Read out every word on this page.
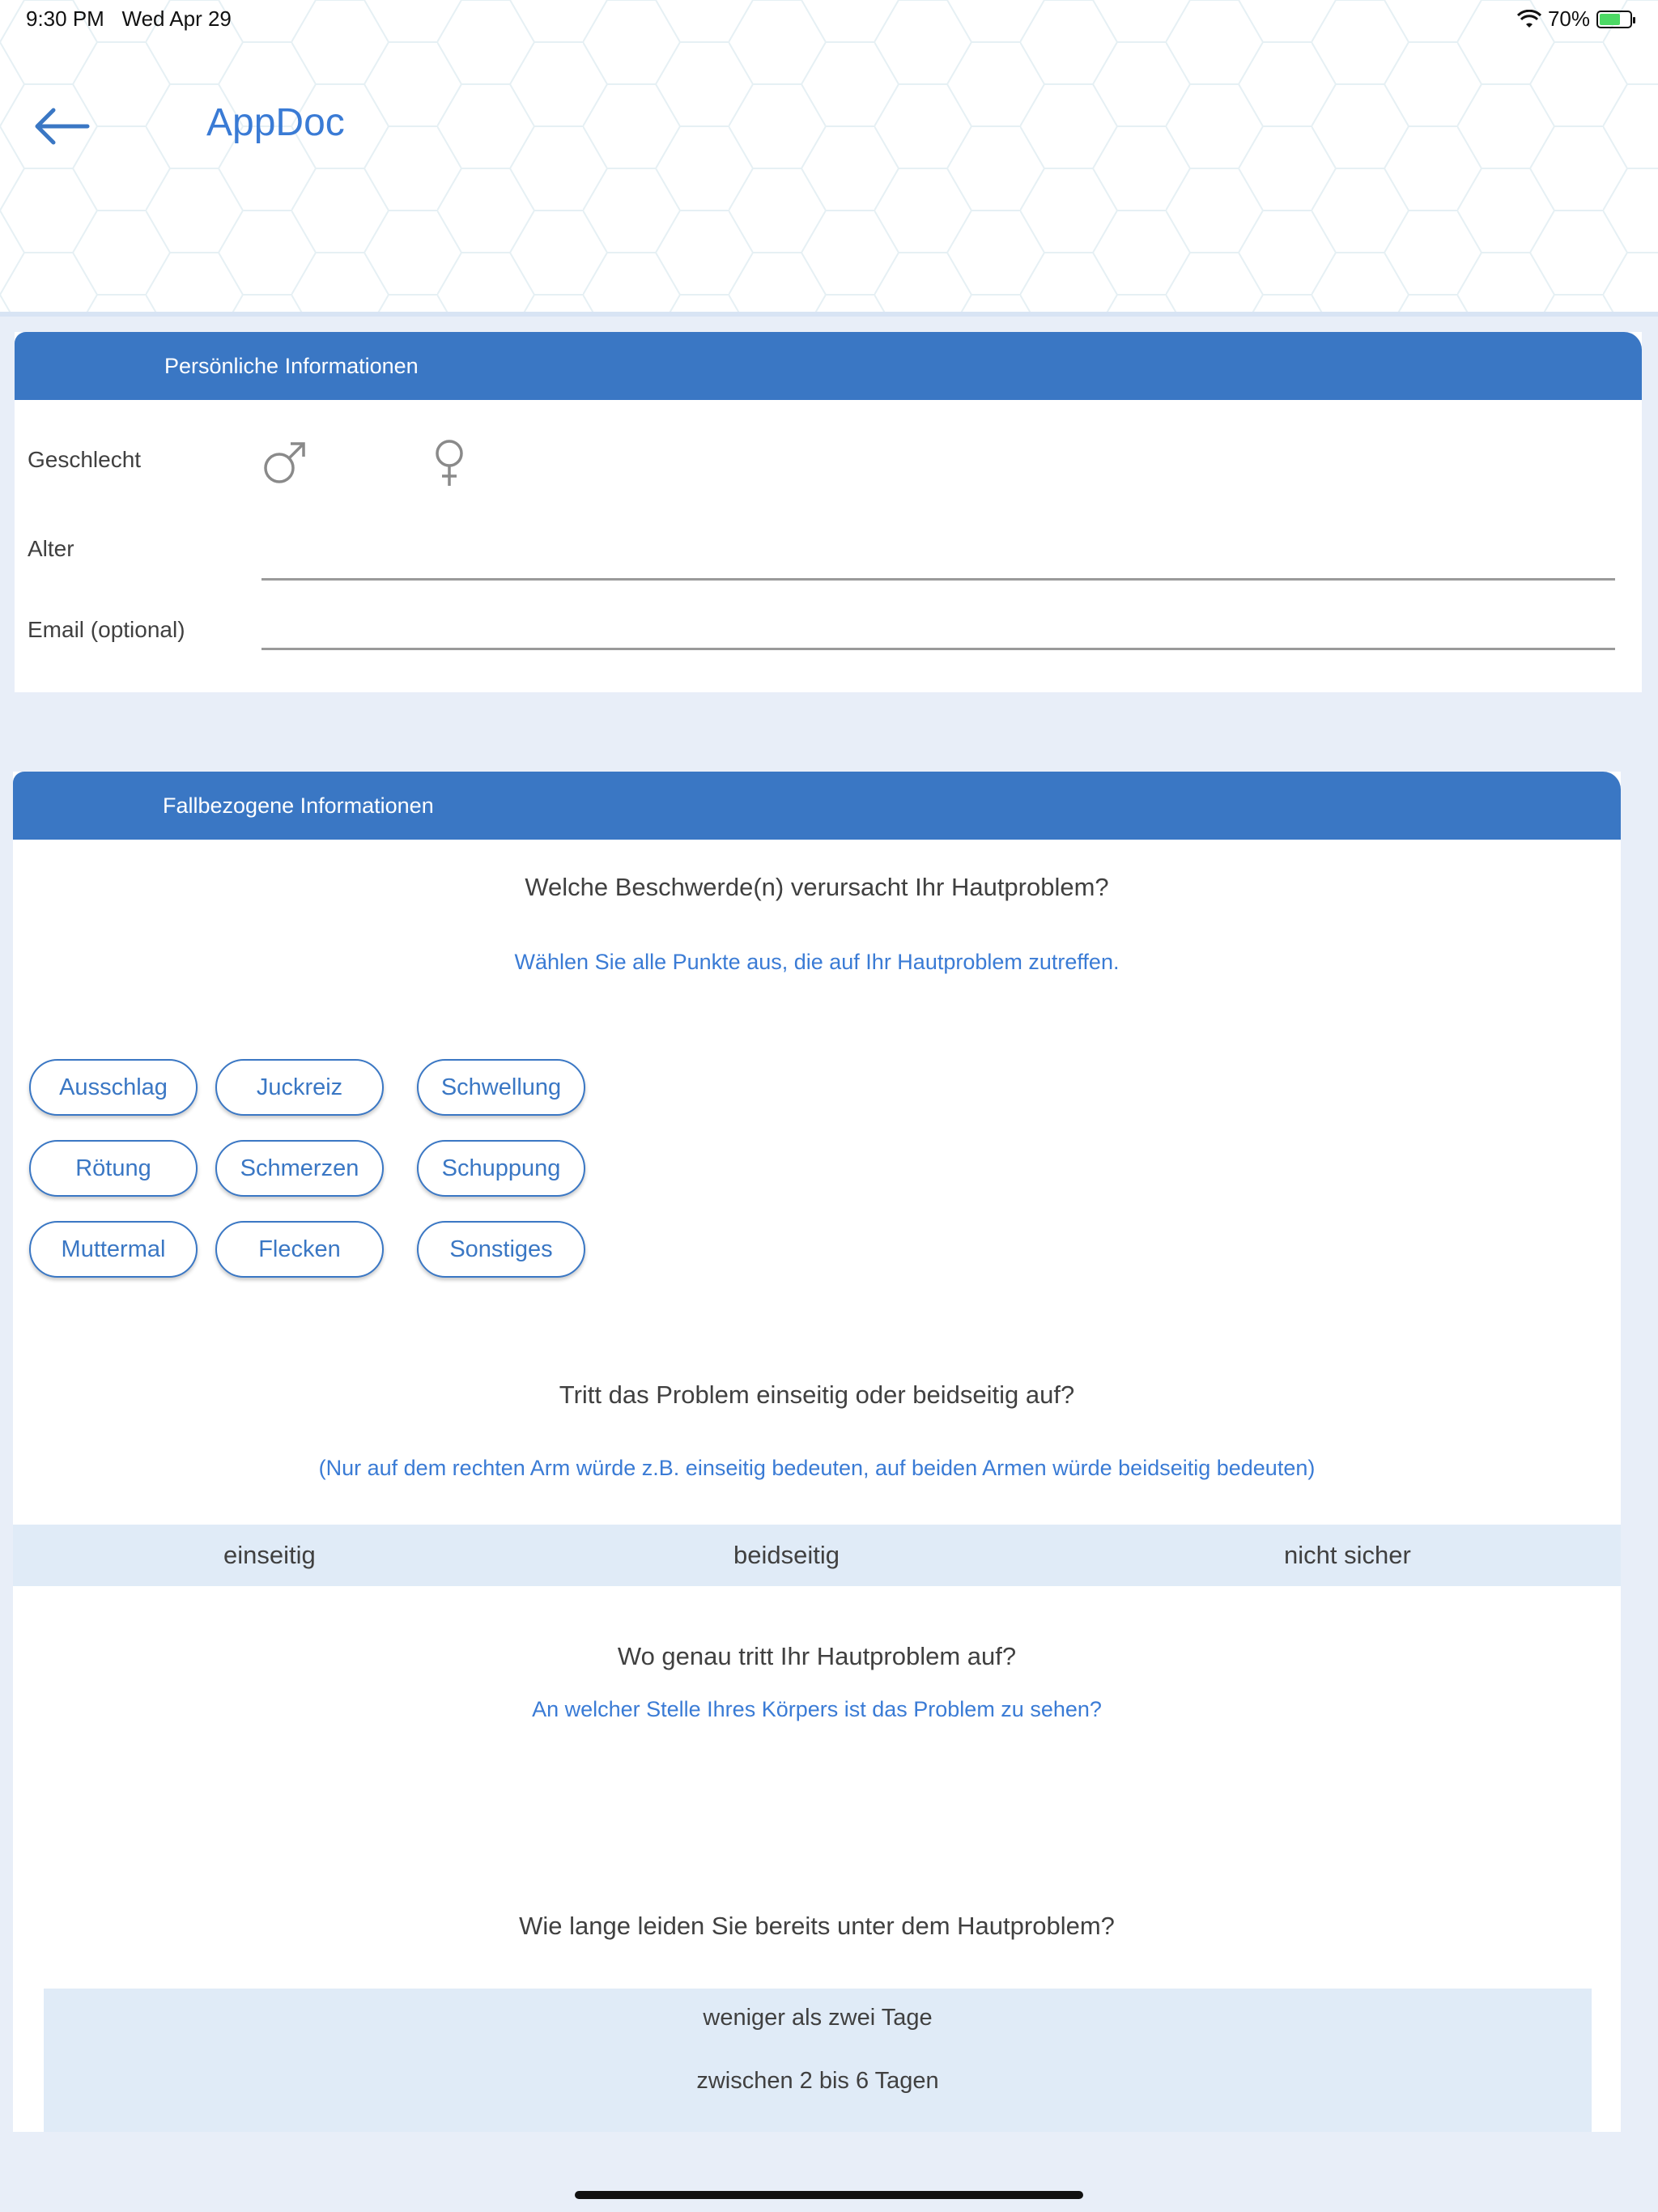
9:30 PM Wed Apr 29	70%
AppDoc
Persönliche Informationen
Geschlecht
Alter
Email (optional)
Fallbezogene Informationen
Welche Beschwerde(n) verursacht Ihr Hautproblem?
Wählen Sie alle Punkte aus, die auf Ihr Hautproblem zutreffen.
Ausschlag	Juckreiz	Schwellung
Rötung	Schmerzen	Schuppung
Muttermal	Flecken	Sonstiges
Tritt das Problem einseitig oder beidseitig auf?
(Nur auf dem rechten Arm würde z.B. einseitig bedeuten, auf beiden Armen würde beidseitig bedeuten)
einseitig	beidseitig	nicht sicher
Wo genau tritt Ihr Hautproblem auf?
An welcher Stelle Ihres Körpers ist das Problem zu sehen?
Wie lange leiden Sie bereits unter dem Hautproblem?
weniger als zwei Tage
zwischen 2 bis 6 Tagen
